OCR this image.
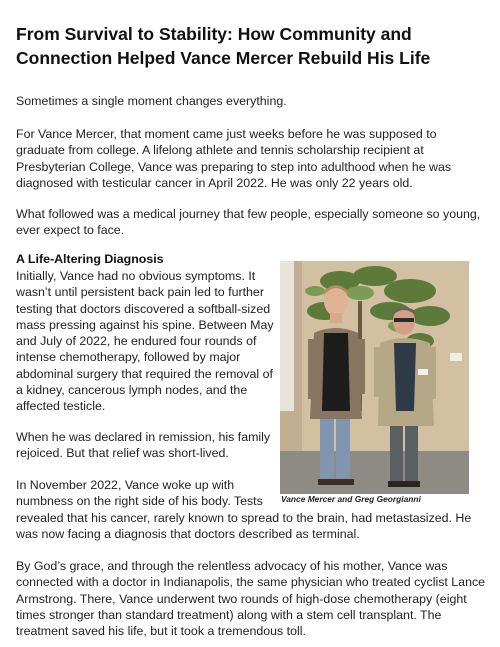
From Survival to Stability: How Community and Connection Helped Vance Mercer Rebuild His Life

Sometimes a single moment changes everything.

For Vance Mercer, that moment came just weeks before he was supposed to graduate from college. A lifelong athlete and tennis scholarship recipient at Presbyterian College, Vance was preparing to step into adulthood when he was diagnosed with testicular cancer in April 2022. He was only 22 years old.

What followed was a medical journey that few people, especially someone so young, ever expect to face.

A Life-Altering Diagnosis

Initially, Vance had no obvious symptoms. It wasn’t until persistent back pain led to further testing that doctors discovered a softball-sized mass pressing against his spine. Between May and July of 2022, he endured four rounds of intense chemotherapy, followed by major abdominal surgery that required the removal of a kidney, cancerous lymph nodes, and the affected testicle.

When he was declared in remission, his family rejoiced. But that relief was short-lived.

In November 2022, Vance woke up with numbness on the right side of his body. Tests

revealed that his cancer, rarely known to spread to the brain, had metastasized. He was now facing a diagnosis that doctors described as terminal.

By God’s grace, and through the relentless advocacy of his mother, Vance was connected with a doctor in Indianapolis, the same physician who treated cyclist Lance Armstrong. There, Vance underwent two rounds of high-dose chemotherapy (eight times stronger than standard treatment) along with a stem cell transplant. The treatment saved his life, but it took a tremendous toll.

Vance Mercer and Greg Georgianni
